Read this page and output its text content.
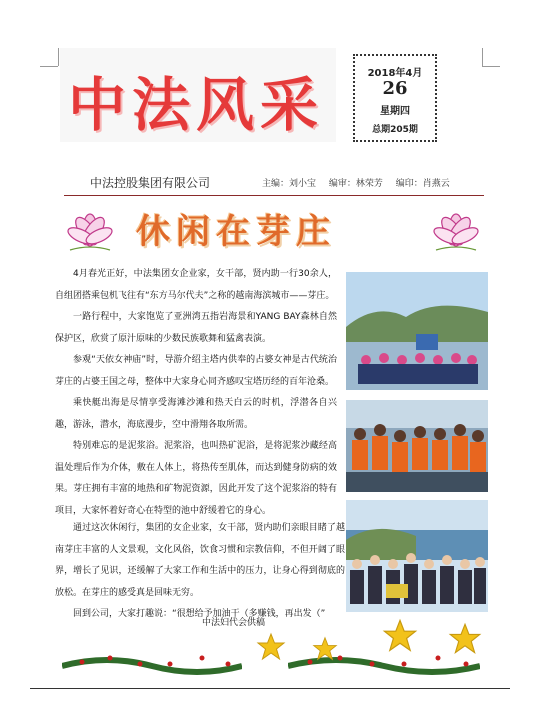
中法风采	2018年4月
26
星期四
总期205期
中法控股集团有限公司	主编：刘小宝 编审：林荣芳 编印：肖燕云
休闲在芽庄

4月春光正好，中法集团女企业家，女干部，贤内助一行30余人，自组团搭乘包机飞往有“东方马尔代夫”之称的越南海滨城市——芽庄。

一路行程中，大家饱览了亚洲湾五指岩海景和YANG BAY森林自然保护区，欣赏了原汁原味的少数民族歌舞和猛禽表演。

参观“天依女神庙”时，导游介绍主塔内供奉的占婆女神是古代统治芽庄的占婆王国之母，整体中大家身心同齐感叹宝塔历经的百年沧桑。

乘快艇出海是尽情享受海滩沙滩和热天白云的时机，浮潜各自兴趣，游泳，潜水，海底漫步，空中滑翔各取所需。

特别难忘的是泥浆浴。泥浆浴，也叫热矿泥浴，是将泥浆沙藏经高温处理后作为介体，敷在人体上，将热传至肌体，而达到健身防病的效果。芽庄拥有丰富的地热和矿物泥资源，因此开发了这个泥浆浴的特有项目，大家怀着好奇心在特型的池中舒缓着它的身心。

通过这次休闲行，集团的女企业家，女干部，贤内助们亲眼目睹了越南芽庄丰富的人文景观，文化风俗，饮食习惯和宗教信仰，不但开阔了眼界，增长了见识，还缓解了大家工作和生活中的压力，让身心得到彻底的放松。在芽庄的感受真是回味无穷。

回到公司，大家打趣说：“很想给予加油干（多赚钱，再出发（”

中法妇代会供稿
